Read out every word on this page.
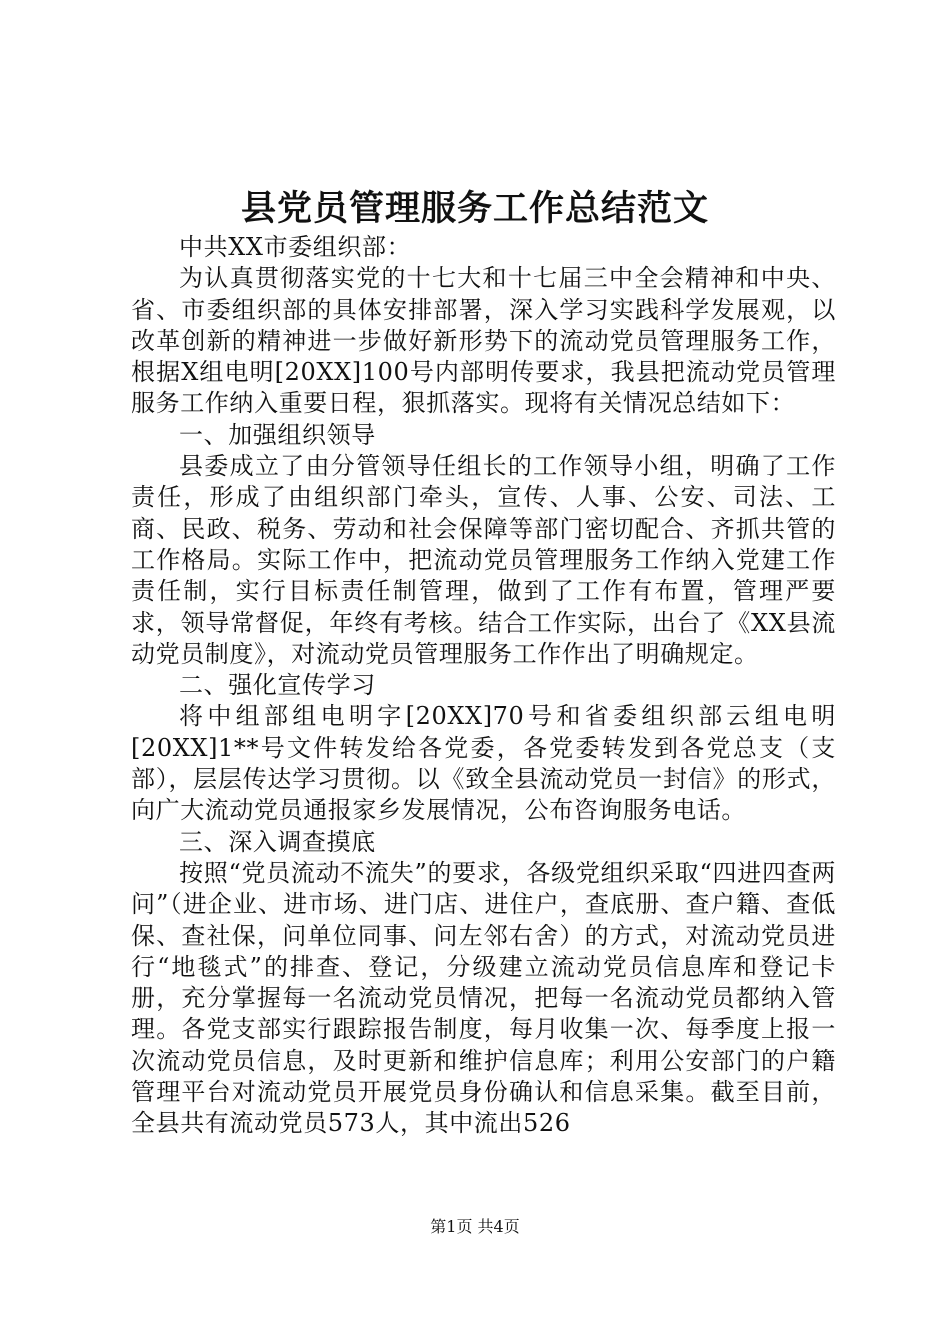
县党员管理服务工作总结范文

中共XX市委组织部：

为认真贯彻落实党的十七大和十七届三中全会精神和中央、省、市委组织部的具体安排部署，深入学习实践科学发展观，以改革创新的精神进一步做好新形势下的流动党员管理服务工作，根据X组电明[20XX]100号内部明传要求，我县把流动党员管理服务工作纳入重要日程，狠抓落实。现将有关情况总结如下：

一、加强组织领导

县委成立了由分管领导任组长的工作领导小组，明确了工作责任，形成了由组织部门牵头，宣传、人事、公安、司法、工商、民政、税务、劳动和社会保障等部门密切配合、齐抓共管的工作格局。实际工作中，把流动党员管理服务工作纳入党建工作责任制，实行目标责任制管理，做到了工作有布置，管理严要求，领导常督促，年终有考核。结合工作实际，出台了《XX县流动党员制度》，对流动党员管理服务工作作出了明确规定。

二、强化宣传学习

将中组部组电明字[20XX]70号和省委组织部云组电明[20XX]1**号文件转发给各党委，各党委转发到各党总支（支部），层层传达学习贯彻。以《致全县流动党员一封信》的形式，向广大流动党员通报家乡发展情况，公布咨询服务电话。

三、深入调查摸底

按照“党员流动不流失”的要求，各级党组织采取“四进四查两问”（进企业、进市场、进门店、进住户，查底册、查户籍、查低保、查社保，问单位同事、问左邻右舍）的方式，对流动党员进行“地毯式”的排查、登记，分级建立流动党员信息库和登记卡册，充分掌握每一名流动党员情况，把每一名流动党员都纳入管理。各党支部实行跟踪报告制度，每月收集一次、每季度上报一次流动党员信息，及时更新和维护信息库；利用公安部门的户籍管理平台对流动党员开展党员身份确认和信息采集。截至目前，全县共有流动党员573人，其中流出526

第1页 共4页
